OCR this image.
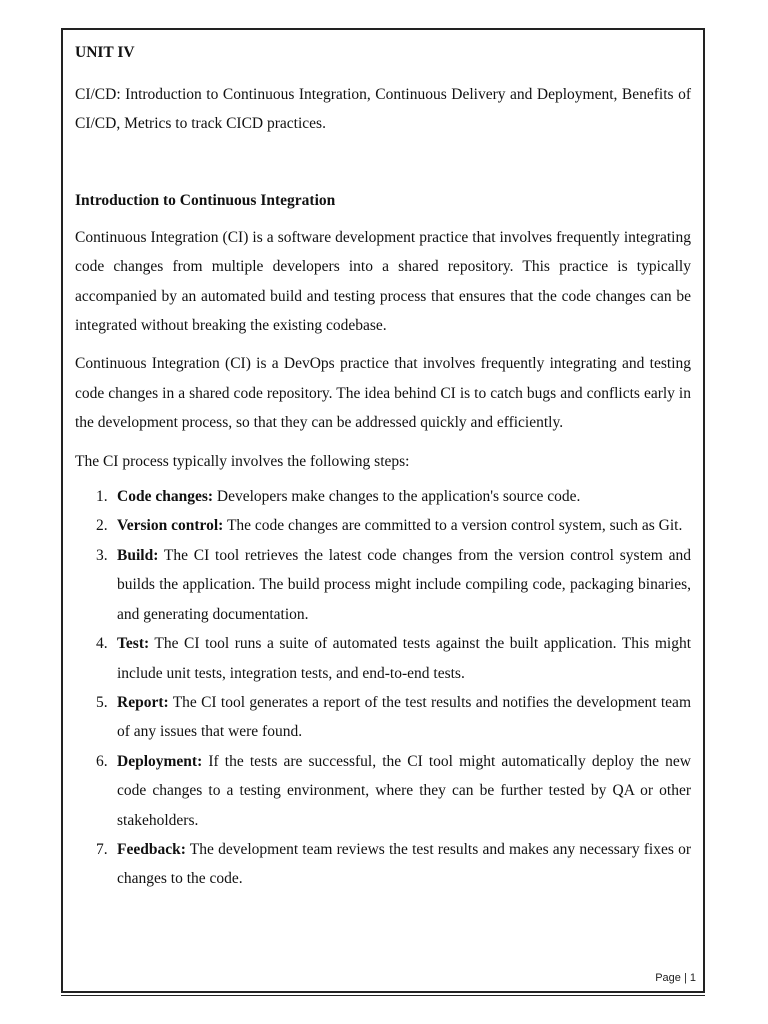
UNIT IV

CI/CD: Introduction to Continuous Integration, Continuous Delivery and Deployment, Benefits of CI/CD, Metrics to track CICD practices.

Introduction to Continuous Integration

Continuous Integration (CI) is a software development practice that involves frequently integrating code changes from multiple developers into a shared repository. This practice is typically accompanied by an automated build and testing process that ensures that the code changes can be integrated without breaking the existing codebase.

Continuous Integration (CI) is a DevOps practice that involves frequently integrating and testing code changes in a shared code repository. The idea behind CI is to catch bugs and conflicts early in the development process, so that they can be addressed quickly and efficiently.

The CI process typically involves the following steps:

1. Code changes: Developers make changes to the application's source code.
2. Version control: The code changes are committed to a version control system, such as Git.
3. Build: The CI tool retrieves the latest code changes from the version control system and builds the application. The build process might include compiling code, packaging binaries, and generating documentation.
4. Test: The CI tool runs a suite of automated tests against the built application. This might include unit tests, integration tests, and end-to-end tests.
5. Report: The CI tool generates a report of the test results and notifies the development team of any issues that were found.
6. Deployment: If the tests are successful, the CI tool might automatically deploy the new code changes to a testing environment, where they can be further tested by QA or other stakeholders.
7. Feedback: The development team reviews the test results and makes any necessary fixes or changes to the code.
Page | 1
